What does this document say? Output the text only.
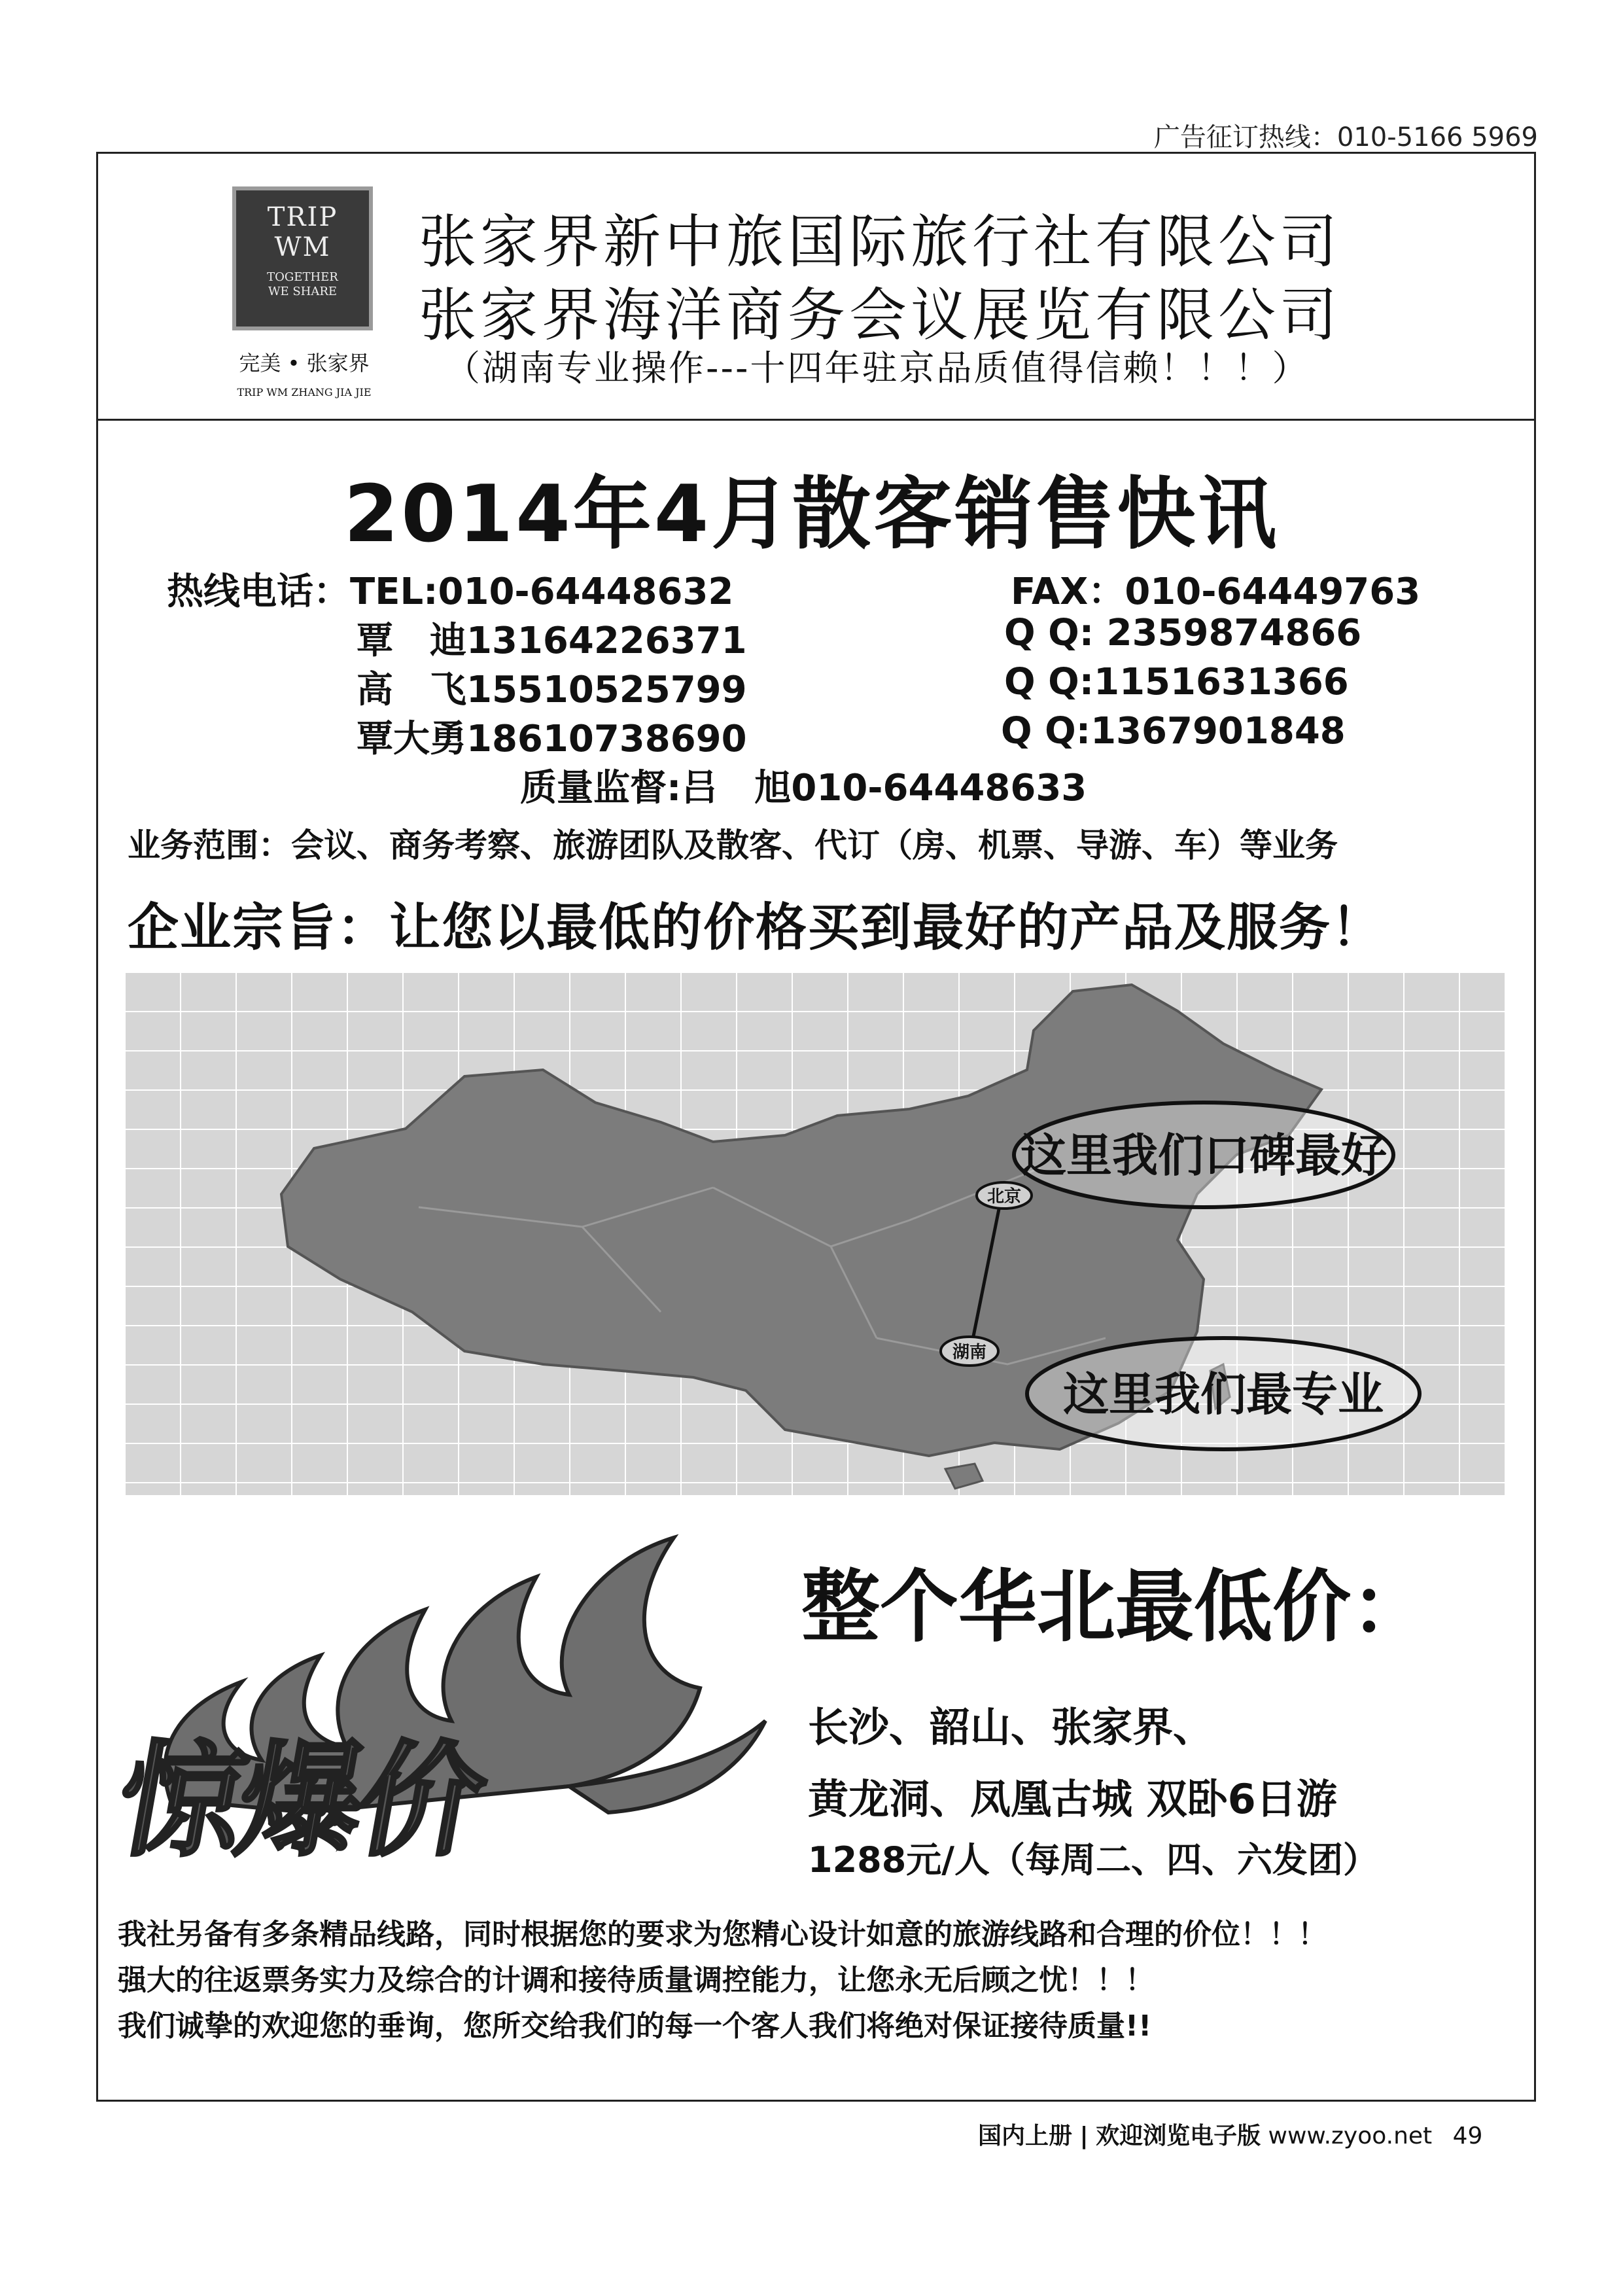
广告征订热线：010-5166 5969
TRIP
WM
TOGETHER
WE SHARE
完美 • 张家界
TRIP WM ZHANG JIA JIE
张家界新中旅国际旅行社有限公司
张家界海洋商务会议展览有限公司
（湖南专业操作---十四年驻京品质值得信赖！！！）
2014年4月散客销售快讯
热线电话：TEL:010-64448632	FAX：010-64449763
覃　迪13164226371	Q Q: 2359874866
高　飞15510525799	Q Q:1151631366
覃大勇18610738690	Q Q:1367901848
质量监督:吕　旭010-64448633
业务范围：会议、商务考察、旅游团队及散客、代订（房、机票、导游、车）等业务
企业宗旨：让您以最低的价格买到最好的产品及服务！
北京
湖南
这里我们口碑最好
这里我们最专业
惊爆价
整个华北最低价：
长沙、韶山、张家界、
黄龙洞、凤凰古城 双卧6日游
1288元/人（每周二、四、六发团）
我社另备有多条精品线路，同时根据您的要求为您精心设计如意的旅游线路和合理的价位！！！
强大的往返票务实力及综合的计调和接待质量调控能力，让您永无后顾之忧！！！
我们诚挚的欢迎您的垂询，您所交给我们的每一个客人我们将绝对保证接待质量!!
国内上册 | 欢迎浏览电子版 www.zyoo.net 49
